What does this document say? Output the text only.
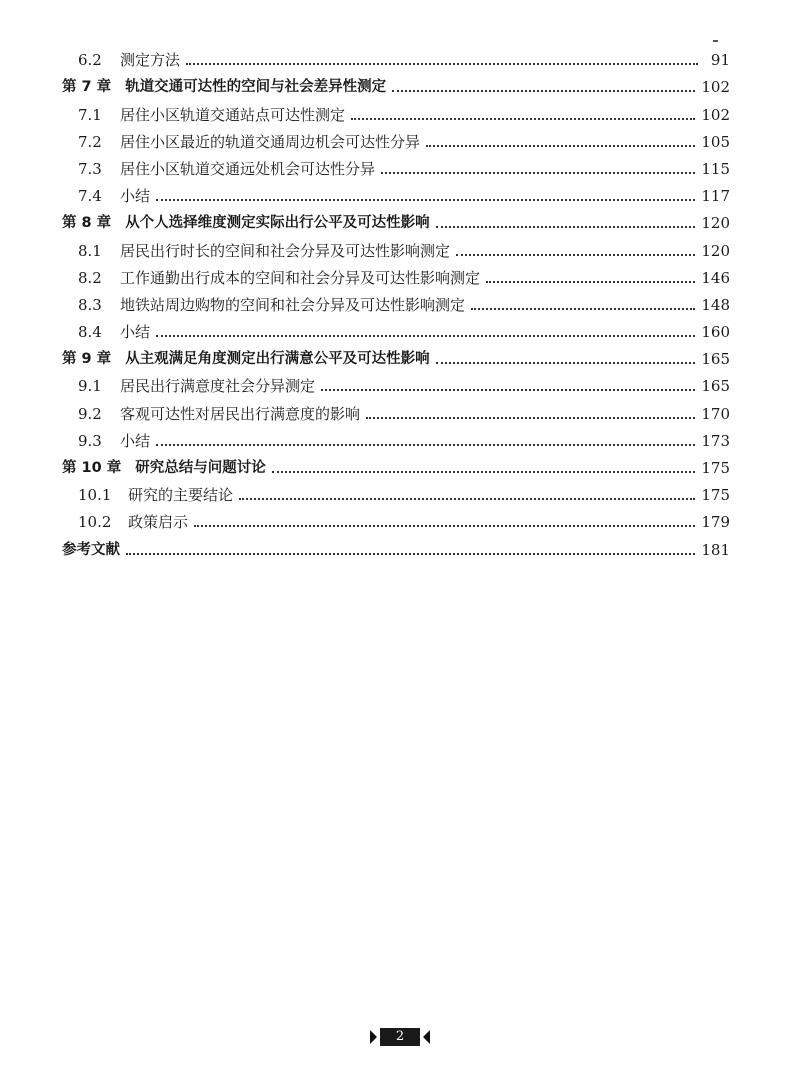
6.2	测定方法	91
第 7 章 轨道交通可达性的空间与社会差异性测定	102
7.1	居住小区轨道交通站点可达性测定	102
7.2	居住小区最近的轨道交通周边机会可达性分异	105
7.3	居住小区轨道交通远处机会可达性分异	115
7.4	小结	117
第 8 章 从个人选择维度测定实际出行公平及可达性影响	120
8.1	居民出行时长的空间和社会分异及可达性影响测定	120
8.2	工作通勤出行成本的空间和社会分异及可达性影响测定	146
8.3	地铁站周边购物的空间和社会分异及可达性影响测定	148
8.4	小结	160
第 9 章 从主观满足角度测定出行满意公平及可达性影响	165
9.1	居民出行满意度社会分异测定	165
9.2	客观可达性对居民出行满意度的影响	170
9.3	小结	173
第 10 章 研究总结与问题讨论	175
10.1	研究的主要结论	175
10.2	政策启示	179
参考文献	181
2
